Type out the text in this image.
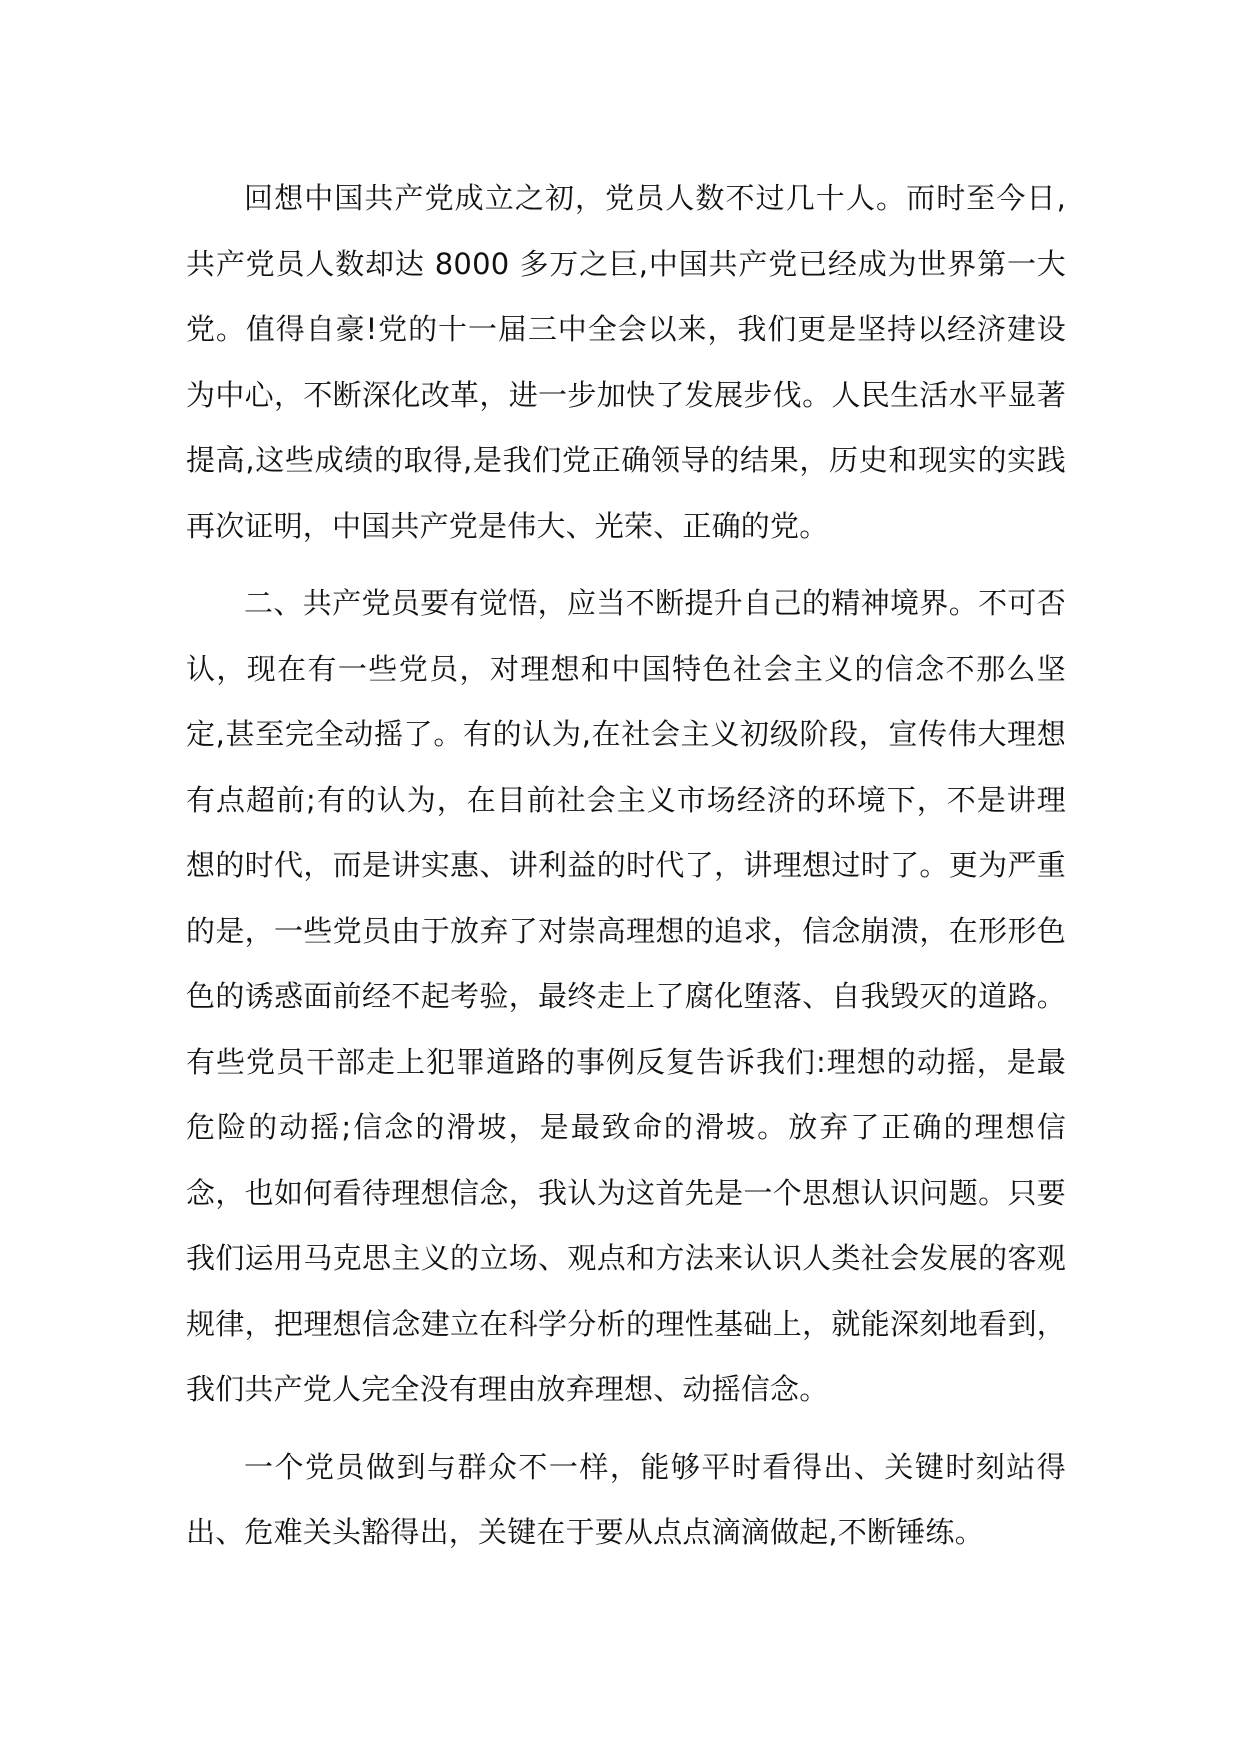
回想中国共产党成立之初，党员人数不过几十人。而时至今日,共产党员人数却达 8000 多万之巨,中国共产党已经成为世界第一大党。值得自豪!党的十一届三中全会以来，我们更是坚持以经济建设为中心，不断深化改革，进一步加快了发展步伐。人民生活水平显著提高,这些成绩的取得,是我们党正确领导的结果，历史和现实的实践再次证明，中国共产党是伟大、光荣、正确的党。

二、共产党员要有觉悟，应当不断提升自己的精神境界。不可否认，现在有一些党员，对理想和中国特色社会主义的信念不那么坚定,甚至完全动摇了。有的认为,在社会主义初级阶段，宣传伟大理想有点超前;有的认为，在目前社会主义市场经济的环境下，不是讲理想的时代，而是讲实惠、讲利益的时代了，讲理想过时了。更为严重的是，一些党员由于放弃了对崇高理想的追求，信念崩溃，在形形色色的诱惑面前经不起考验，最终走上了腐化堕落、自我毁灭的道路。有些党员干部走上犯罪道路的事例反复告诉我们:理想的动摇，是最危险的动摇;信念的滑坡，是最致命的滑坡。放弃了正确的理想信念，也如何看待理想信念，我认为这首先是一个思想认识问题。只要我们运用马克思主义的立场、观点和方法来认识人类社会发展的客观规律，把理想信念建立在科学分析的理性基础上，就能深刻地看到，我们共产党人完全没有理由放弃理想、动摇信念。

一个党员做到与群众不一样，能够平时看得出、关键时刻站得出、危难关头豁得出，关键在于要从点点滴滴做起,不断锤练。
